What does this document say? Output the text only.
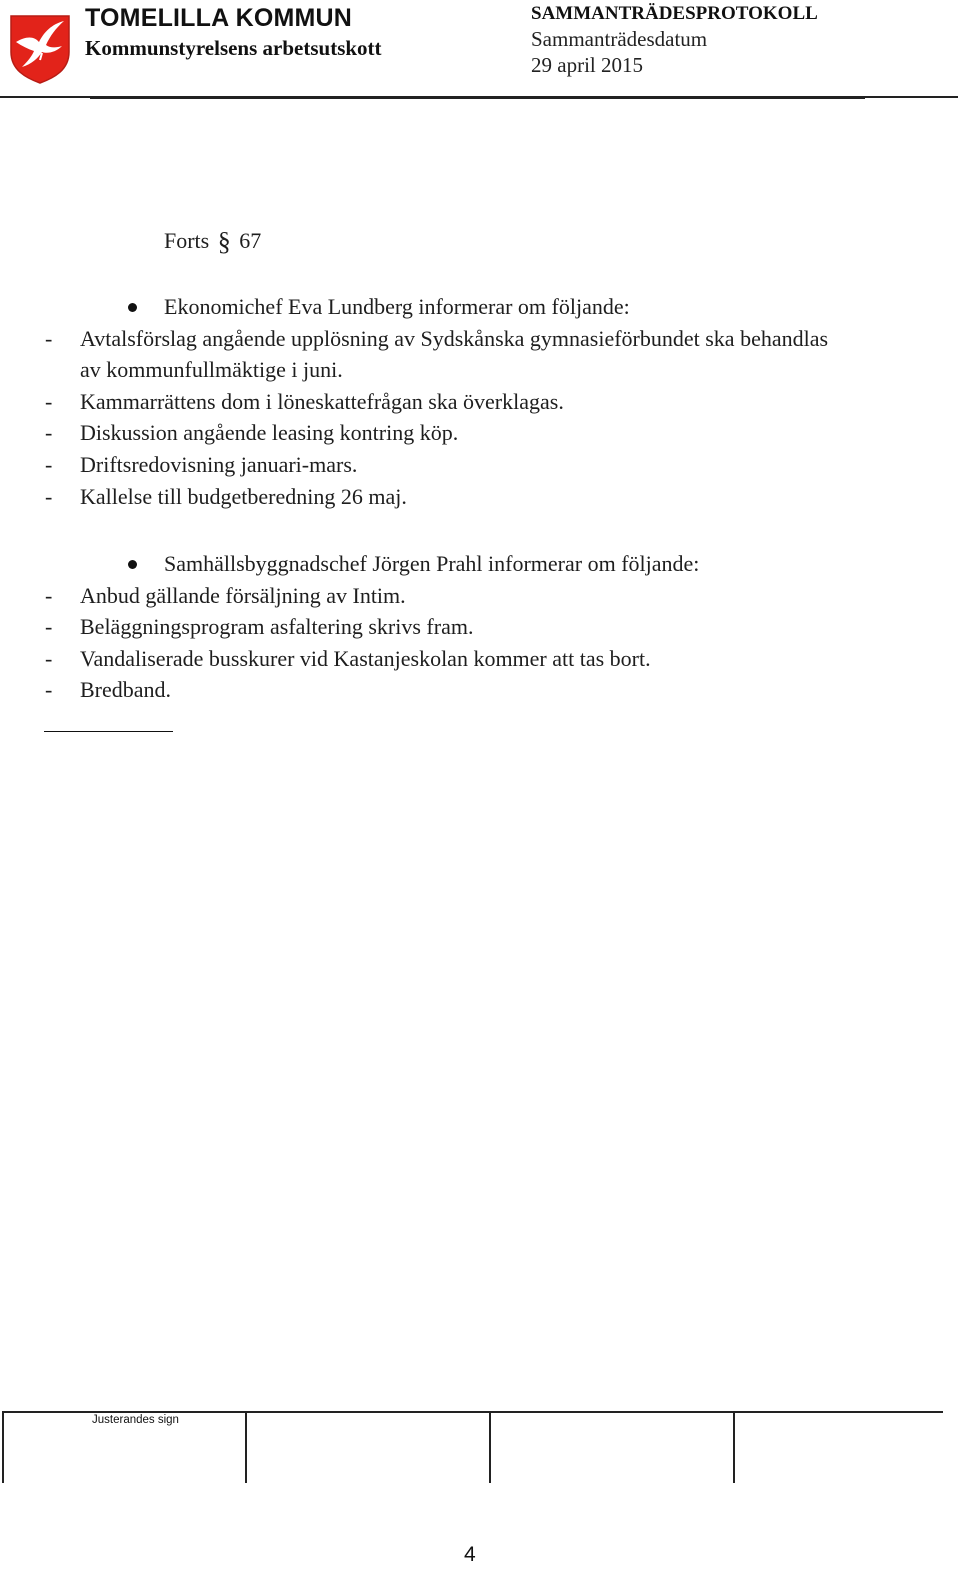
TOMELILLA KOMMUN
Kommunstyrelsens arbetsutskott
SAMMANTRÄDESPROTOKOLL
Sammanträdesdatum
29 april 2015
Forts § 67
Ekonomichef Eva Lundberg informerar om följande:
-	Avtalsförslag angående upplösning av Sydskånska gymnasieförbundet ska behandlas av kommunfullmäktige i juni.
-	Kammarrättens dom i löneskattefrågan ska överklagas.
-	Diskussion angående leasing kontring köp.
-	Driftsredovisning januari-mars.
-	Kallelse till budgetberedning 26 maj.
Samhällsbyggnadschef Jörgen Prahl informerar om följande:
-	Anbud gällande försäljning av Intim.
-	Beläggningsprogram asfaltering skrivs fram.
-	Vandaliserade busskurer vid Kastanjeskolan kommer att tas bort.
-	Bredband.
Justerandes sign
4
